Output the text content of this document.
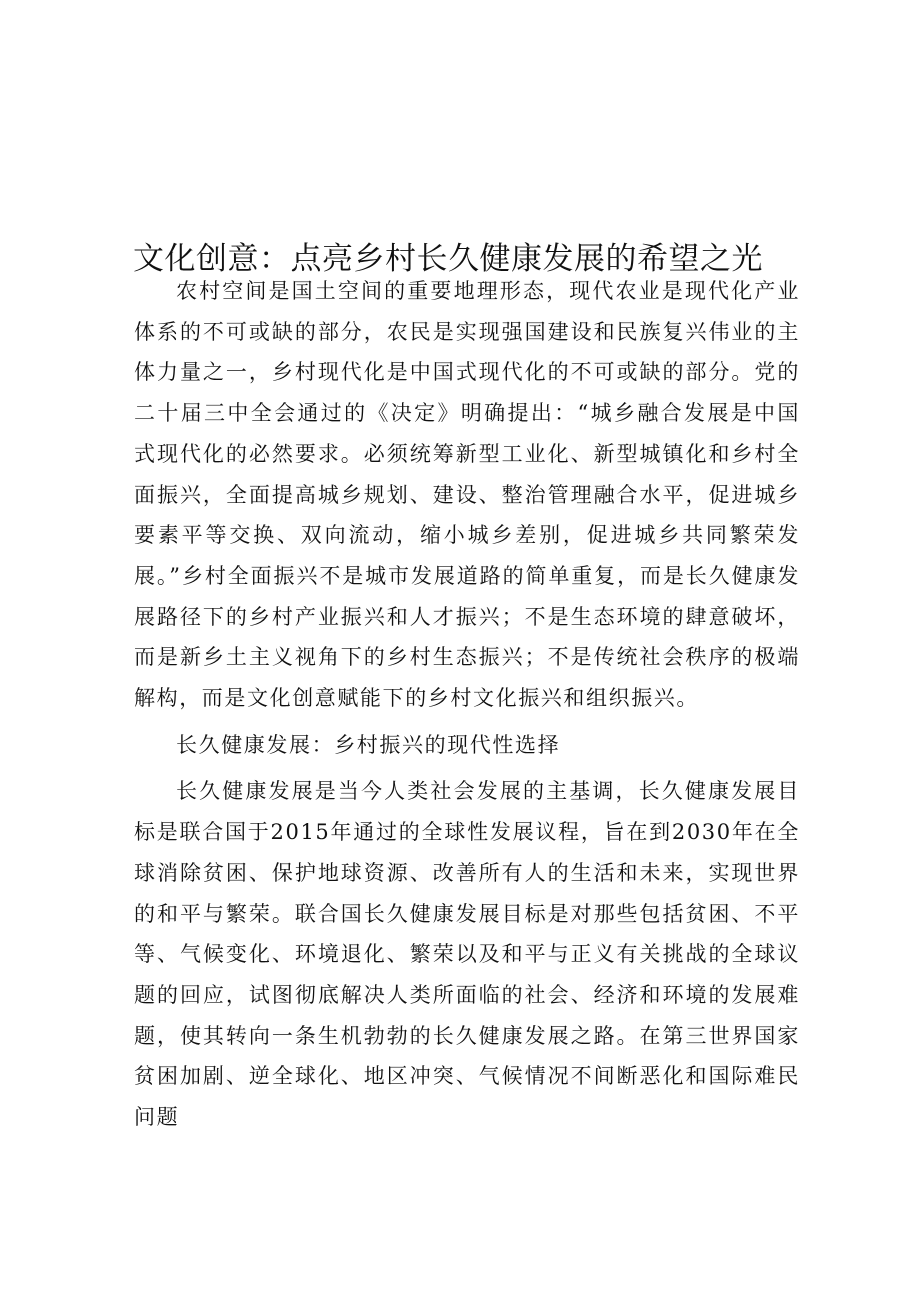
文化创意：点亮乡村长久健康发展的希望之光

农村空间是国土空间的重要地理形态，现代农业是现代化产业体系的不可或缺的部分，农民是实现强国建设和民族复兴伟业的主体力量之一，乡村现代化是中国式现代化的不可或缺的部分。党的二十届三中全会通过的《决定》明确提出：“城乡融合发展是中国式现代化的必然要求。必须统筹新型工业化、新型城镇化和乡村全面振兴，全面提高城乡规划、建设、整治管理融合水平，促进城乡要素平等交换、双向流动，缩小城乡差别，促进城乡共同繁荣发展。”乡村全面振兴不是城市发展道路的简单重复，而是长久健康发展路径下的乡村产业振兴和人才振兴；不是生态环境的肆意破坏，而是新乡土主义视角下的乡村生态振兴；不是传统社会秩序的极端解构，而是文化创意赋能下的乡村文化振兴和组织振兴。

长久健康发展：乡村振兴的现代性选择

长久健康发展是当今人类社会发展的主基调，长久健康发展目标是联合国于2015年通过的全球性发展议程，旨在到2030年在全球消除贫困、保护地球资源、改善所有人的生活和未来，实现世界的和平与繁荣。联合国长久健康发展目标是对那些包括贫困、不平等、气候变化、环境退化、繁荣以及和平与正义有关挑战的全球议题的回应，试图彻底解决人类所面临的社会、经济和环境的发展难题，使其转向一条生机勃勃的长久健康发展之路。在第三世界国家贫困加剧、逆全球化、地区冲突、气候情况不间断恶化和国际难民问题
